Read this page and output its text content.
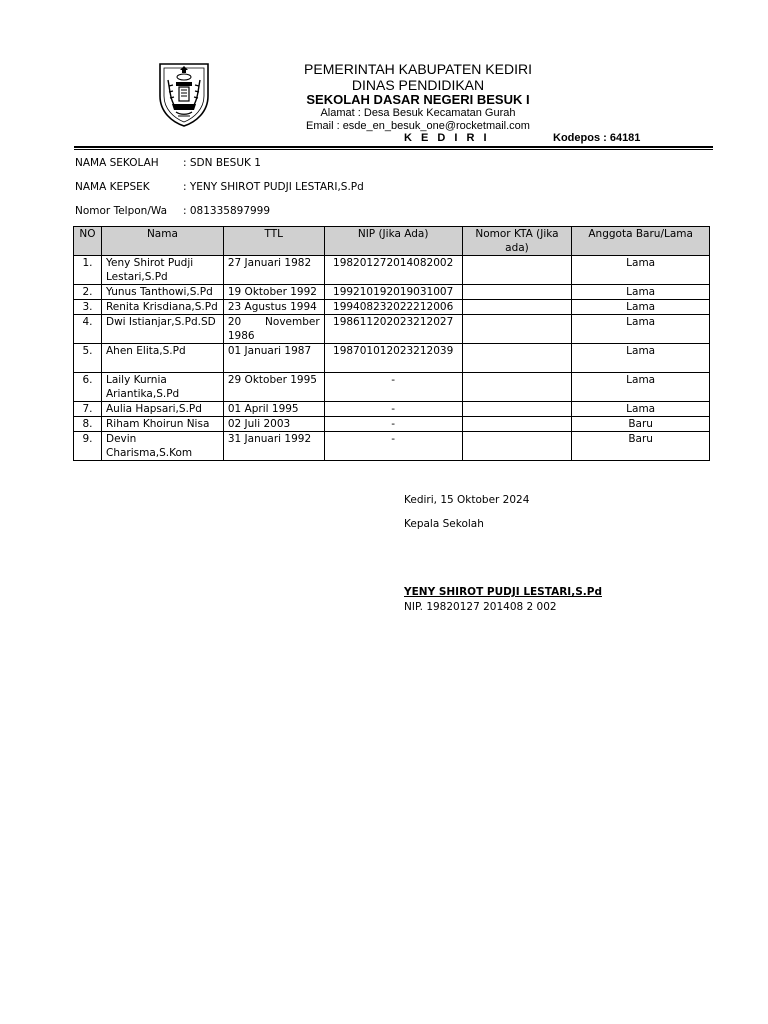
PEMERINTAH KABUPATEN KEDIRI
DINAS PENDIDIKAN
SEKOLAH DASAR NEGERI BESUK I
Alamat : Desa Besuk Kecamatan Gurah
Email : esde_en_besuk_one@rocketmail.com
K E D I R I	Kodepos : 64181
NAMA SEKOLAH : SDN BESUK 1
NAMA KEPSEK	: YENY SHIROT PUDJI LESTARI,S.Pd
Nomor Telpon/Wa : 081335897999
NO	Nama	TTL	NIP (Jika Ada)	Nomor KTA (Jika ada)	Anggota Baru/Lama
1.	Yeny Shirot Pudji Lestari,S.Pd	27 Januari 1982	198201272014082002		Lama
2.	Yunus Tanthowi,S.Pd	19 Oktober 1992	199210192019031007		Lama
3.	Renita Krisdiana,S.Pd	23 Agustus 1994	199408232022212006		Lama
4.	Dwi Istianjar,S.Pd.SD	20 November 1986	198611202023212027		Lama
5.	Ahen Elita,S.Pd	01 Januari 1987	198701012023212039		Lama
6.	Laily Kurnia Ariantika,S.Pd	29 Oktober 1995	-		Lama
7.	Aulia Hapsari,S.Pd	01 April 1995	-		Lama
8.	Riham Khoirun Nisa	02 Juli 2003	-		Baru
9.	Devin Charisma,S.Kom	31 Januari 1992	-		Baru
Kediri, 15 Oktober 2024
Kepala Sekolah
YENY SHIROT PUDJI LESTARI,S.Pd
NIP. 19820127 201408 2 002
